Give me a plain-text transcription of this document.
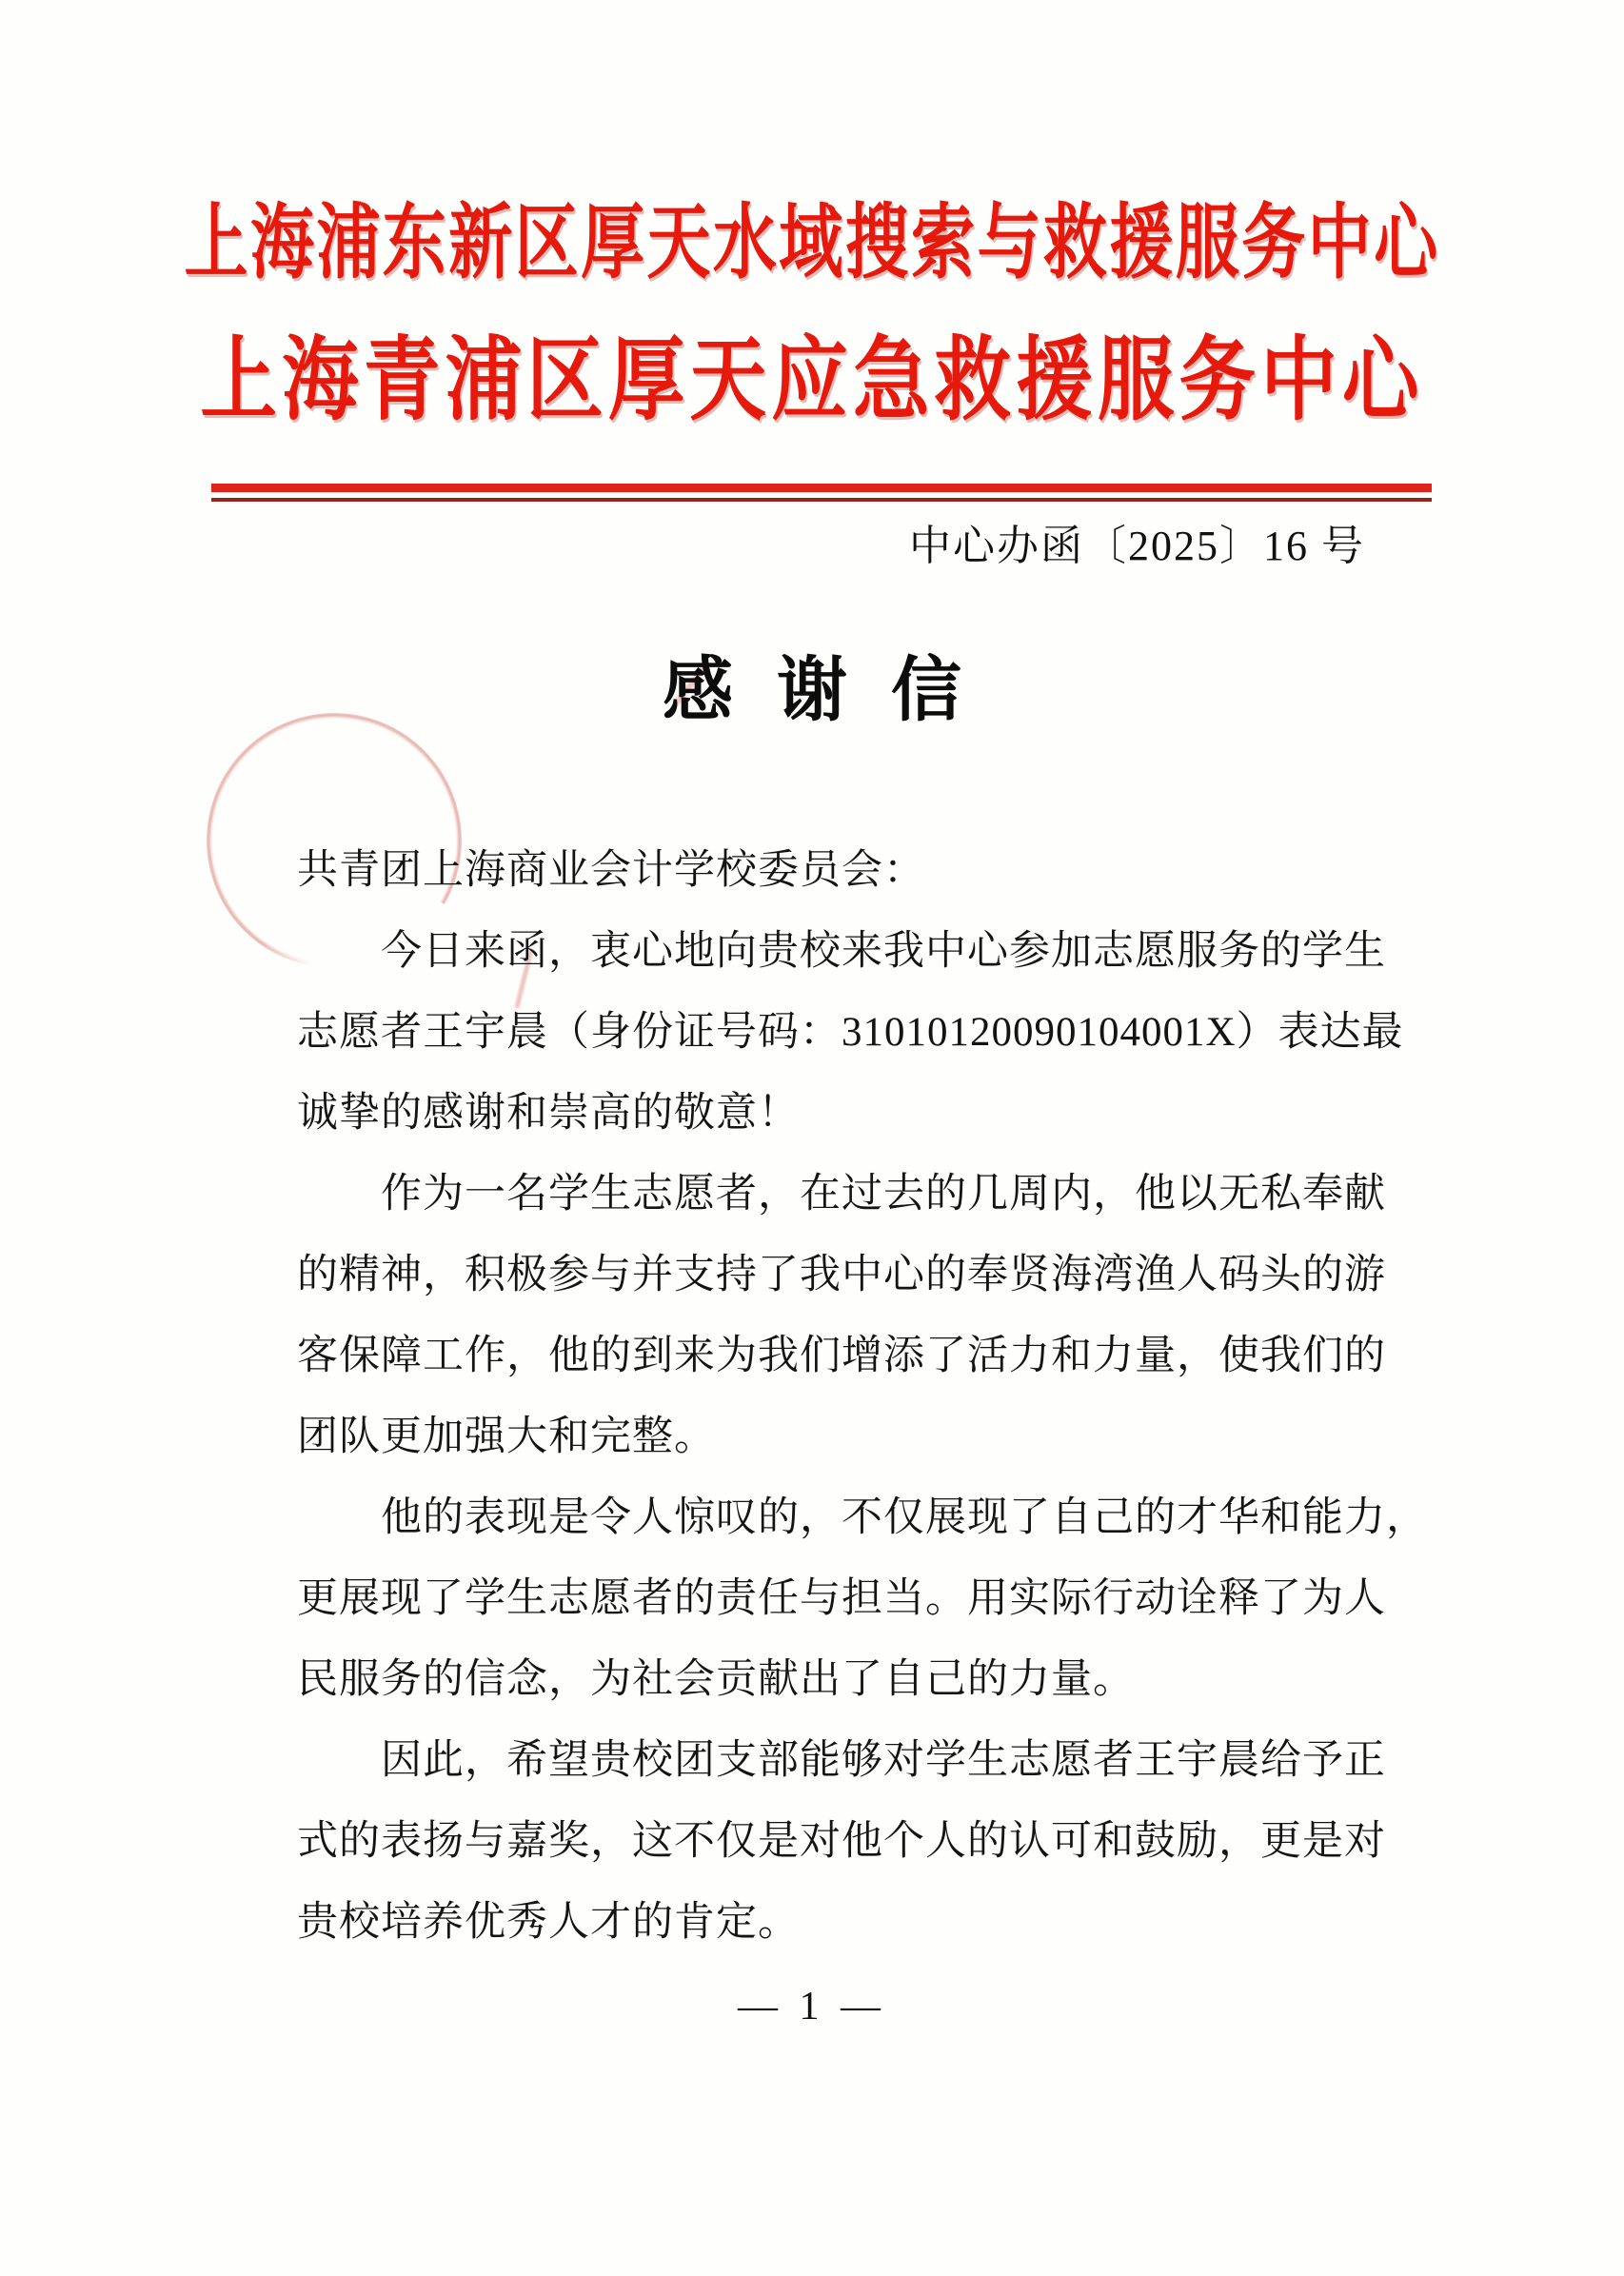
上海浦东新区厚天水域搜索与救援服务中心
上海青浦区厚天应急救援服务中心
中心办函〔2025〕16 号
感谢信
共青团上海商业会计学校委员会：
　　今日来函，衷心地向贵校来我中心参加志愿服务的学生
志愿者王宇晨（身份证号码：31010120090104001X）表达最
诚挚的感谢和崇高的敬意！
　　作为一名学生志愿者，在过去的几周内，他以无私奉献
的精神，积极参与并支持了我中心的奉贤海湾渔人码头的游
客保障工作，他的到来为我们增添了活力和力量，使我们的
团队更加强大和完整。
　　他的表现是令人惊叹的，不仅展现了自己的才华和能力，
更展现了学生志愿者的责任与担当。用实际行动诠释了为人
民服务的信念，为社会贡献出了自己的力量。
　　因此，希望贵校团支部能够对学生志愿者王宇晨给予正
式的表扬与嘉奖，这不仅是对他个人的认可和鼓励，更是对
贵校培养优秀人才的肯定。
— 1 —
